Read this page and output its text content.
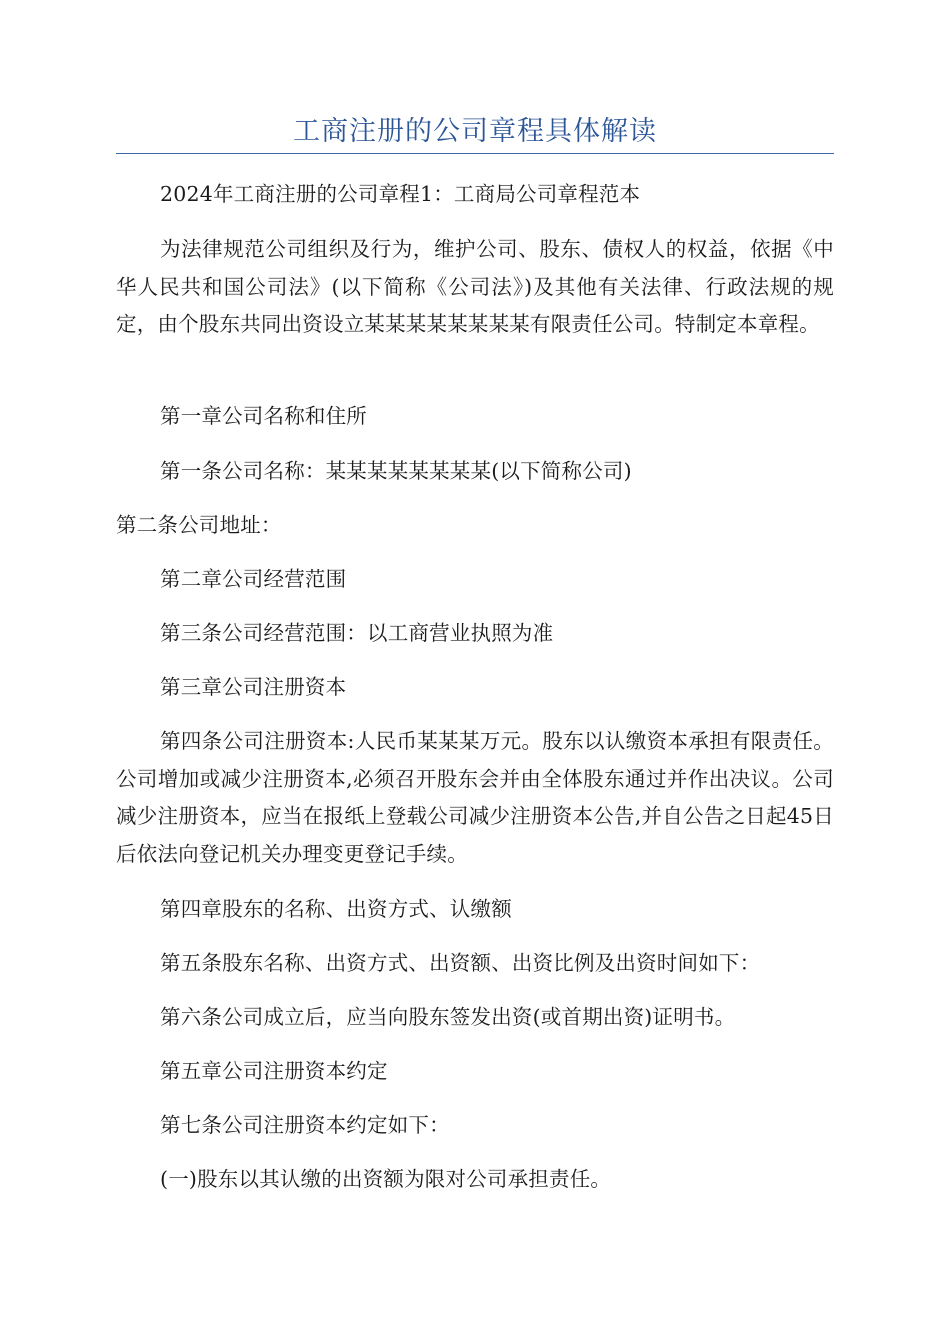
工商注册的公司章程具体解读

2024年工商注册的公司章程1：工商局公司章程范本

为法律规范公司组织及行为，维护公司、股东、债权人的权益，依据《中华人民共和国公司法》(以下简称《公司法》)及其他有关法律、行政法规的规定，由个股东共同出资设立某某某某某某某某有限责任公司。特制定本章程。

第一章公司名称和住所

第一条公司名称：某某某某某某某某(以下简称公司)

第二条公司地址：

第二章公司经营范围

第三条公司经营范围：以工商营业执照为准

第三章公司注册资本

第四条公司注册资本:人民币某某某万元。股东以认缴资本承担有限责任。公司增加或减少注册资本,必须召开股东会并由全体股东通过并作出决议。公司减少注册资本，应当在报纸上登载公司减少注册资本公告,并自公告之日起45日后依法向登记机关办理变更登记手续。

第四章股东的名称、出资方式、认缴额

第五条股东名称、出资方式、出资额、出资比例及出资时间如下：

第六条公司成立后，应当向股东签发出资(或首期出资)证明书。

第五章公司注册资本约定

第七条公司注册资本约定如下：

(一)股东以其认缴的出资额为限对公司承担责任。
